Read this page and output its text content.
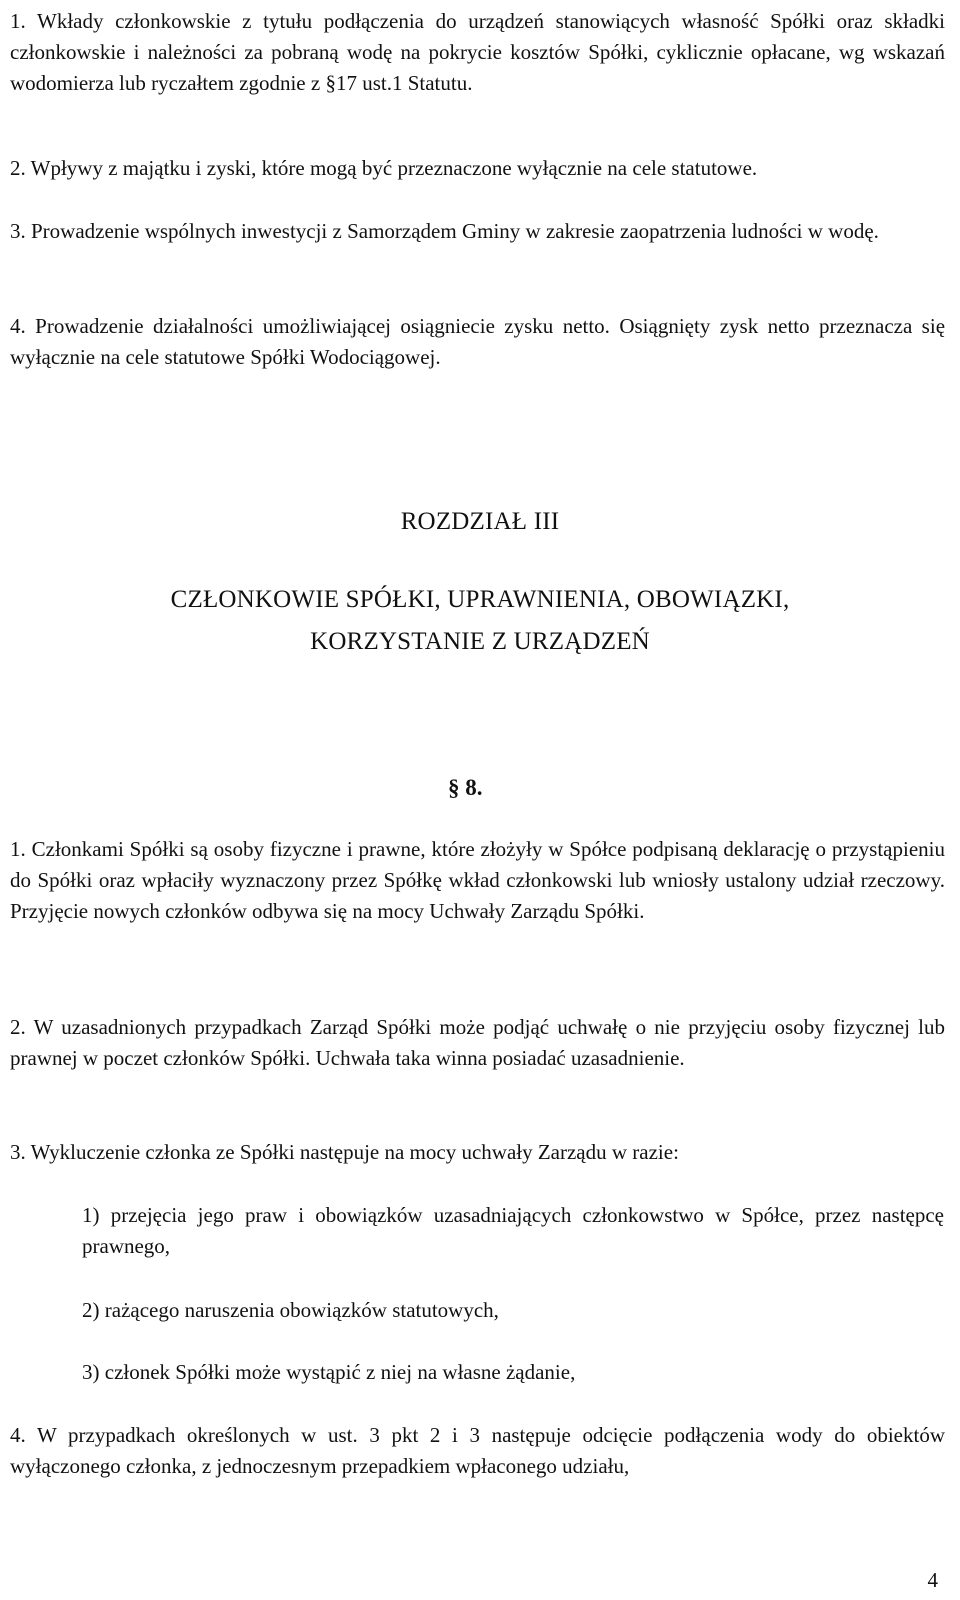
1. Wkłady członkowskie z tytułu podłączenia do urządzeń stanowiących własność Spółki oraz składki członkowskie i należności za pobraną wodę na pokrycie kosztów Spółki, cyklicznie opłacane, wg wskazań wodomierza lub ryczałtem zgodnie z §17 ust.1 Statutu.

2. Wpływy z majątku i zyski, które mogą być przeznaczone wyłącznie na cele statutowe.

3. Prowadzenie wspólnych inwestycji z Samorządem Gminy w zakresie zaopatrzenia ludności w wodę.

4. Prowadzenie działalności umożliwiającej osiągniecie zysku netto. Osiągnięty zysk netto przeznacza się wyłącznie na cele statutowe Spółki Wodociągowej.

ROZDZIAŁ III
CZŁONKOWIE SPÓŁKI, UPRAWNIENIA, OBOWIĄZKI,
KORZYSTANIE Z URZĄDZEŃ

§ 8.

1. Członkami Spółki są osoby fizyczne i prawne, które złożyły w Spółce podpisaną deklarację o przystąpieniu do Spółki oraz wpłaciły wyznaczony przez Spółkę wkład członkowski lub wniosły ustalony udział rzeczowy. Przyjęcie nowych członków odbywa się na mocy Uchwały Zarządu Spółki.

2. W uzasadnionych przypadkach Zarząd Spółki może podjąć uchwałę o nie przyjęciu osoby fizycznej lub prawnej w poczet członków Spółki. Uchwała taka winna posiadać uzasadnienie.

3. Wykluczenie członka ze Spółki następuje na mocy uchwały Zarządu w razie:

1) przejęcia jego praw i obowiązków uzasadniających członkowstwo w Spółce, przez następcę prawnego,

2) rażącego naruszenia obowiązków statutowych,

3) członek Spółki może wystąpić z niej na własne żądanie,

4. W przypadkach określonych w ust. 3 pkt 2 i 3 następuje odcięcie podłączenia wody do obiektów wyłączonego członka, z jednoczesnym przepadkiem wpłaconego udziału,

4
